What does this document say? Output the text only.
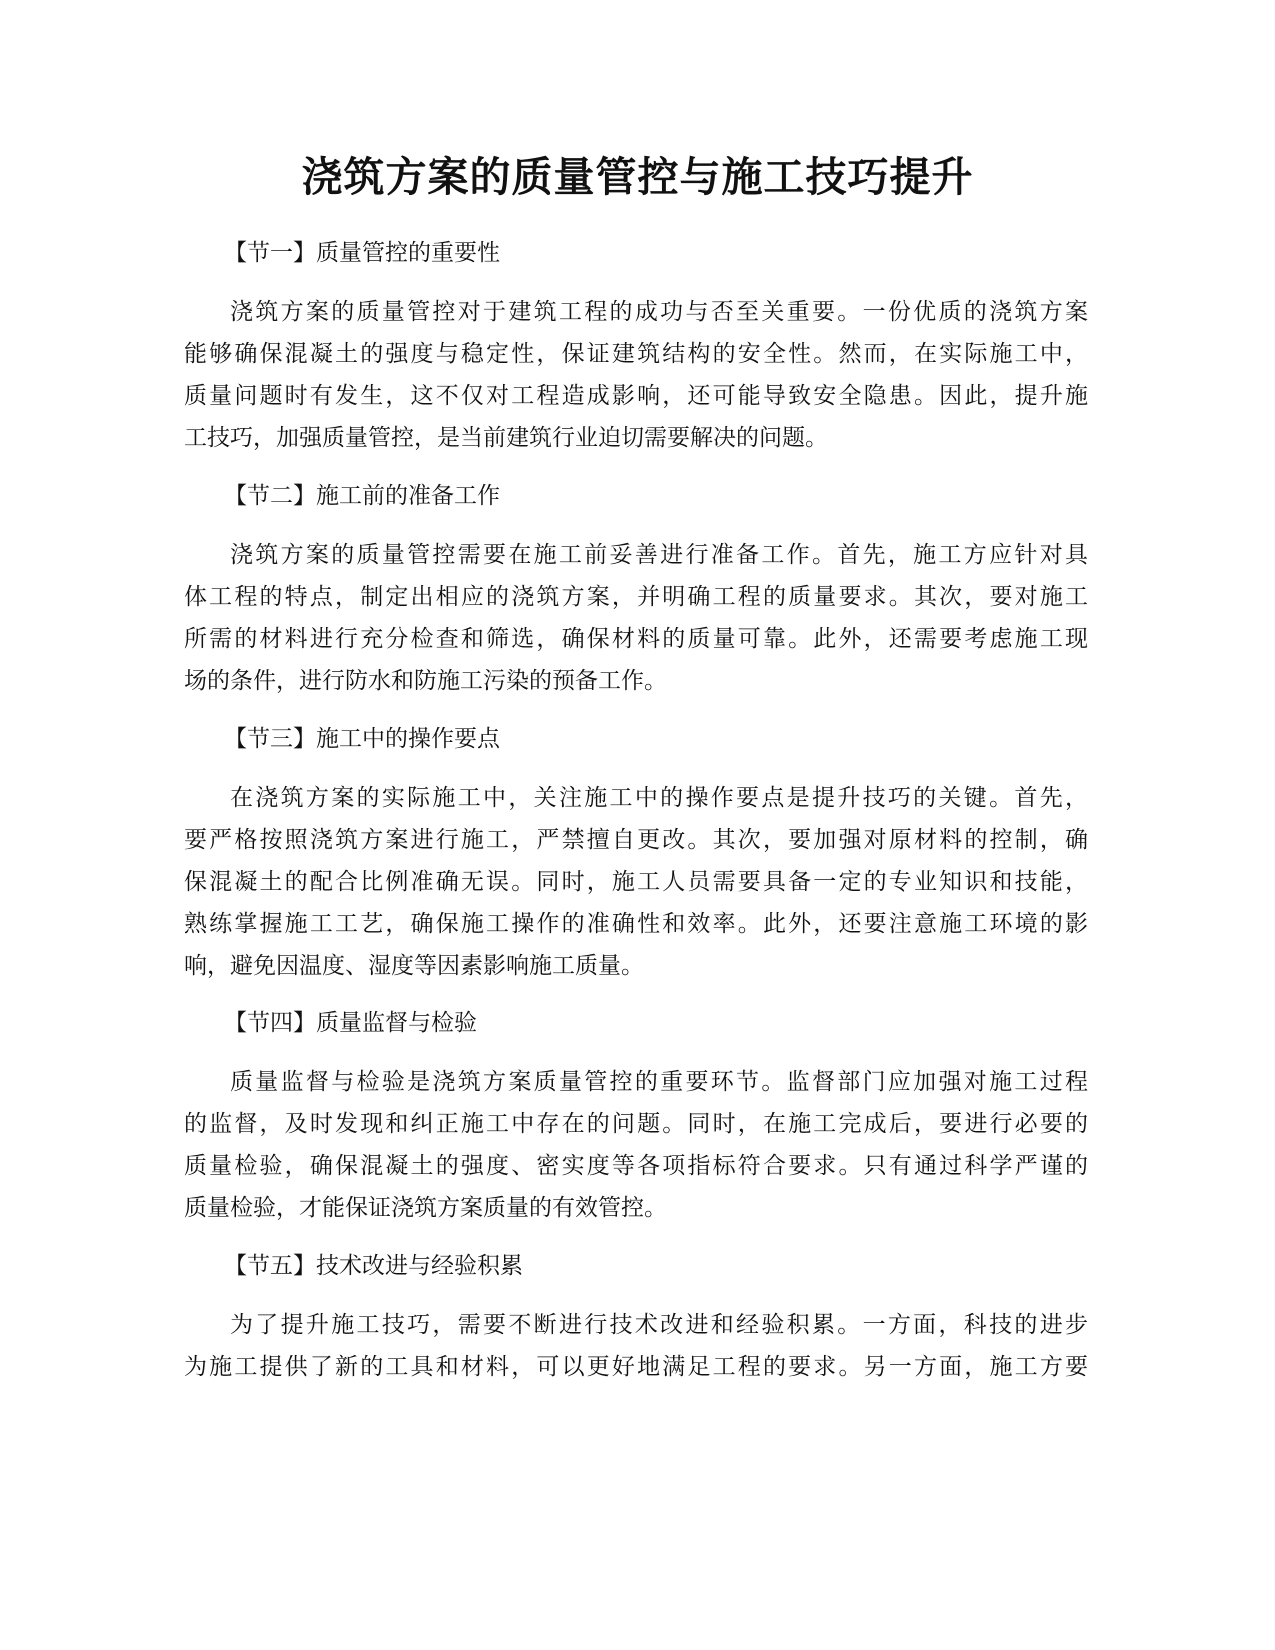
浇筑方案的质量管控与施工技巧提升

【节一】质量管控的重要性

浇筑方案的质量管控对于建筑工程的成功与否至关重要。一份优质的浇筑方案
能够确保混凝土的强度与稳定性，保证建筑结构的安全性。然而，在实际施工中，
质量问题时有发生，这不仅对工程造成影响，还可能导致安全隐患。因此，提升施
工技巧，加强质量管控，是当前建筑行业迫切需要解决的问题。

【节二】施工前的准备工作

浇筑方案的质量管控需要在施工前妥善进行准备工作。首先，施工方应针对具
体工程的特点，制定出相应的浇筑方案，并明确工程的质量要求。其次，要对施工
所需的材料进行充分检查和筛选，确保材料的质量可靠。此外，还需要考虑施工现
场的条件，进行防水和防施工污染的预备工作。

【节三】施工中的操作要点

在浇筑方案的实际施工中，关注施工中的操作要点是提升技巧的关键。首先，
要严格按照浇筑方案进行施工，严禁擅自更改。其次，要加强对原材料的控制，确
保混凝土的配合比例准确无误。同时，施工人员需要具备一定的专业知识和技能，
熟练掌握施工工艺，确保施工操作的准确性和效率。此外，还要注意施工环境的影
响，避免因温度、湿度等因素影响施工质量。

【节四】质量监督与检验

质量监督与检验是浇筑方案质量管控的重要环节。监督部门应加强对施工过程
的监督，及时发现和纠正施工中存在的问题。同时，在施工完成后，要进行必要的
质量检验，确保混凝土的强度、密实度等各项指标符合要求。只有通过科学严谨的
质量检验，才能保证浇筑方案质量的有效管控。

【节五】技术改进与经验积累

为了提升施工技巧，需要不断进行技术改进和经验积累。一方面，科技的进步
为施工提供了新的工具和材料，可以更好地满足工程的要求。另一方面，施工方要
